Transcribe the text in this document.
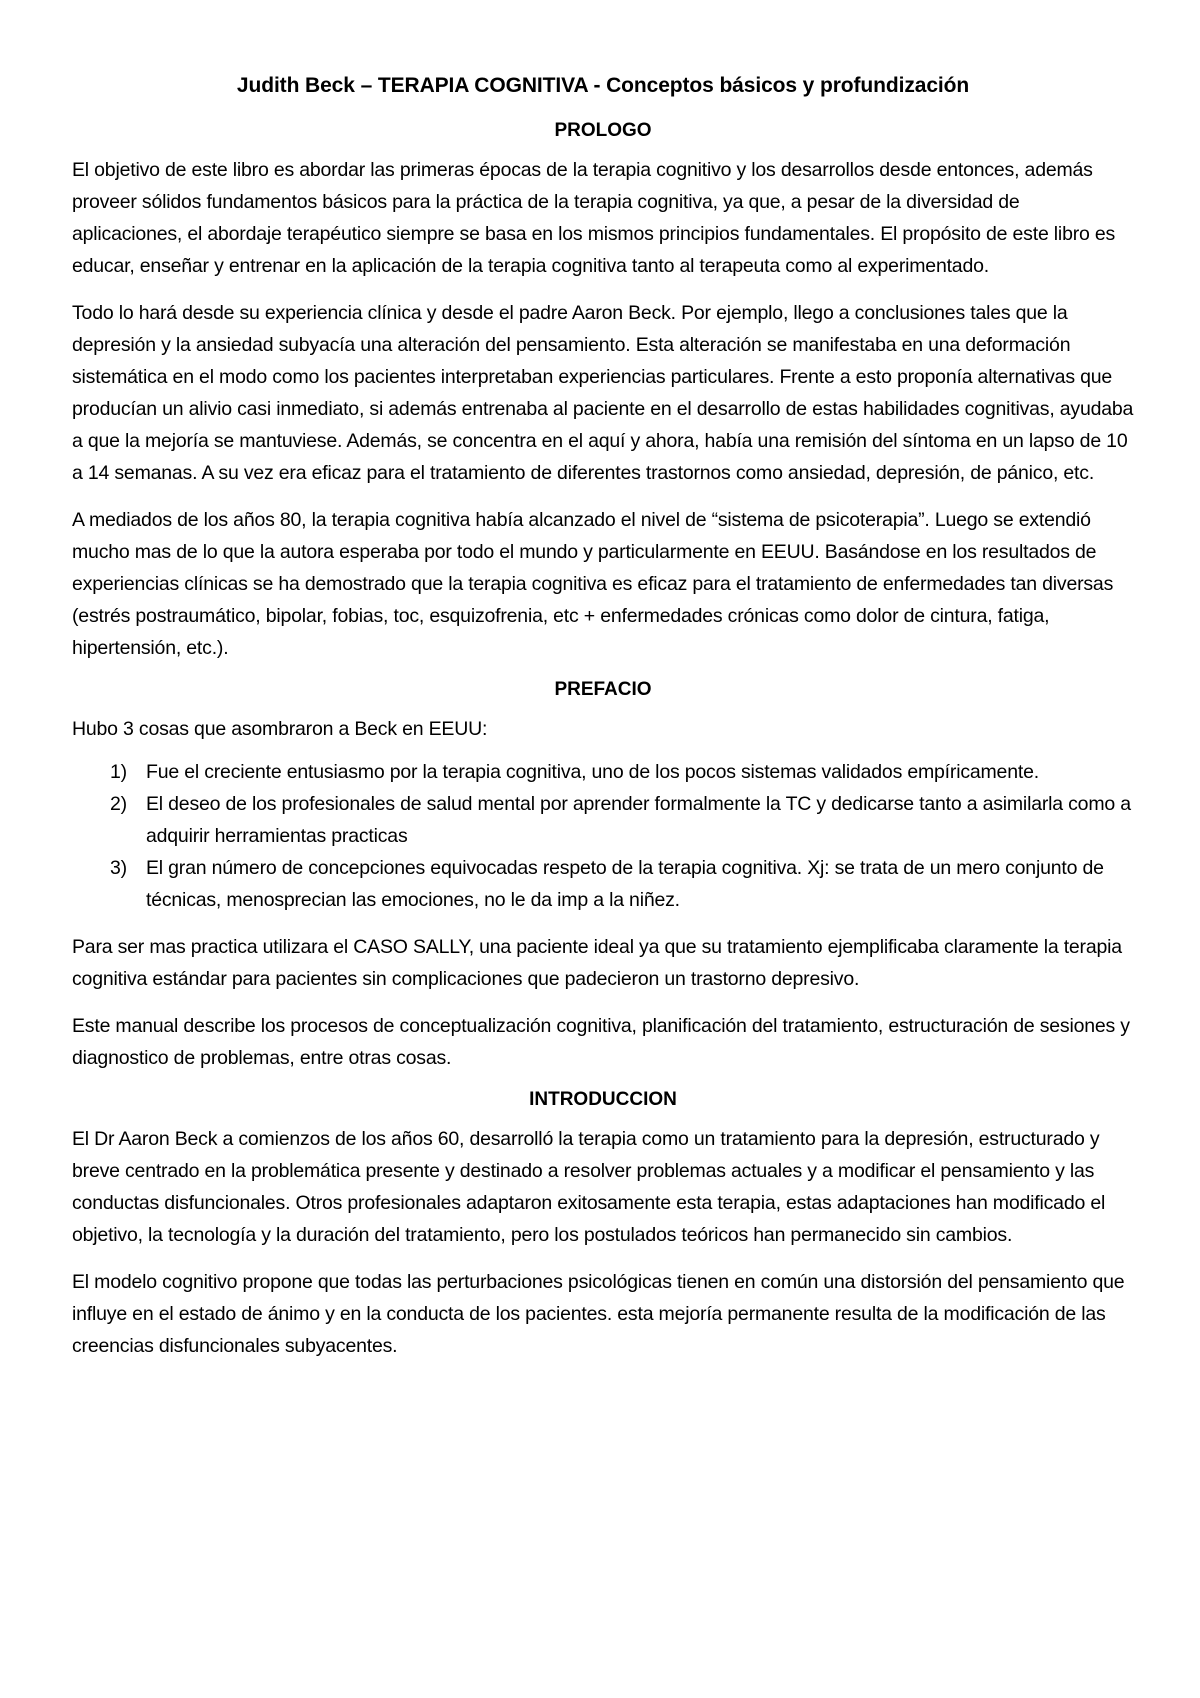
Judith Beck – TERAPIA COGNITIVA - Conceptos básicos y profundización
PROLOGO

El objetivo de este libro es abordar las primeras épocas de la terapia cognitivo y los desarrollos desde entonces, además proveer sólidos fundamentos básicos para la práctica de la terapia cognitiva, ya que, a pesar de la diversidad de aplicaciones, el abordaje terapéutico siempre se basa en los mismos principios fundamentales. El propósito de este libro es educar, enseñar y entrenar en la aplicación de la terapia cognitiva tanto al terapeuta como al experimentado.

Todo lo hará desde su experiencia clínica y desde el padre Aaron Beck. Por ejemplo, llego a conclusiones tales que la depresión y la ansiedad subyacía una alteración del pensamiento. Esta alteración se manifestaba en una deformación sistemática en el modo como los pacientes interpretaban experiencias particulares. Frente a esto proponía alternativas que producían un alivio casi inmediato, si además entrenaba al paciente en el desarrollo de estas habilidades cognitivas, ayudaba a que la mejoría se mantuviese. Además, se concentra en el aquí y ahora, había una remisión del síntoma en un lapso de 10 a 14 semanas. A su vez era eficaz para el tratamiento de diferentes trastornos como ansiedad, depresión, de pánico, etc.

A mediados de los años 80, la terapia cognitiva había alcanzado el nivel de “sistema de psicoterapia”. Luego se extendió mucho mas de lo que la autora esperaba por todo el mundo y particularmente en EEUU. Basándose en los resultados de experiencias clínicas se ha demostrado que la terapia cognitiva es eficaz para el tratamiento de enfermedades tan diversas (estrés postraumático, bipolar, fobias, toc, esquizofrenia, etc + enfermedades crónicas como dolor de cintura, fatiga, hipertensión, etc.).

PREFACIO

Hubo 3 cosas que asombraron a Beck en EEUU:

1) Fue el creciente entusiasmo por la terapia cognitiva, uno de los pocos sistemas validados empíricamente.
2) El deseo de los profesionales de salud mental por aprender formalmente la TC y dedicarse tanto a asimilarla como a adquirir herramientas practicas
3) El gran número de concepciones equivocadas respeto de la terapia cognitiva. Xj: se trata de un mero conjunto de técnicas, menosprecian las emociones, no le da imp a la niñez.

Para ser mas practica utilizara el CASO SALLY, una paciente ideal ya que su tratamiento ejemplificaba claramente la terapia cognitiva estándar para pacientes sin complicaciones que padecieron un trastorno depresivo.

Este manual describe los procesos de conceptualización cognitiva, planificación del tratamiento, estructuración de sesiones y diagnostico de problemas, entre otras cosas.

INTRODUCCION

El Dr Aaron Beck a comienzos de los años 60, desarrolló la terapia como un tratamiento para la depresión, estructurado y breve centrado en la problemática presente y destinado a resolver problemas actuales y a modificar el pensamiento y las conductas disfuncionales. Otros profesionales adaptaron exitosamente esta terapia, estas adaptaciones han modificado el objetivo, la tecnología y la duración del tratamiento, pero los postulados teóricos han permanecido sin cambios.

El modelo cognitivo propone que todas las perturbaciones psicológicas tienen en común una distorsión del pensamiento que influye en el estado de ánimo y en la conducta de los pacientes. esta mejoría permanente resulta de la modificación de las creencias disfuncionales subyacentes.
